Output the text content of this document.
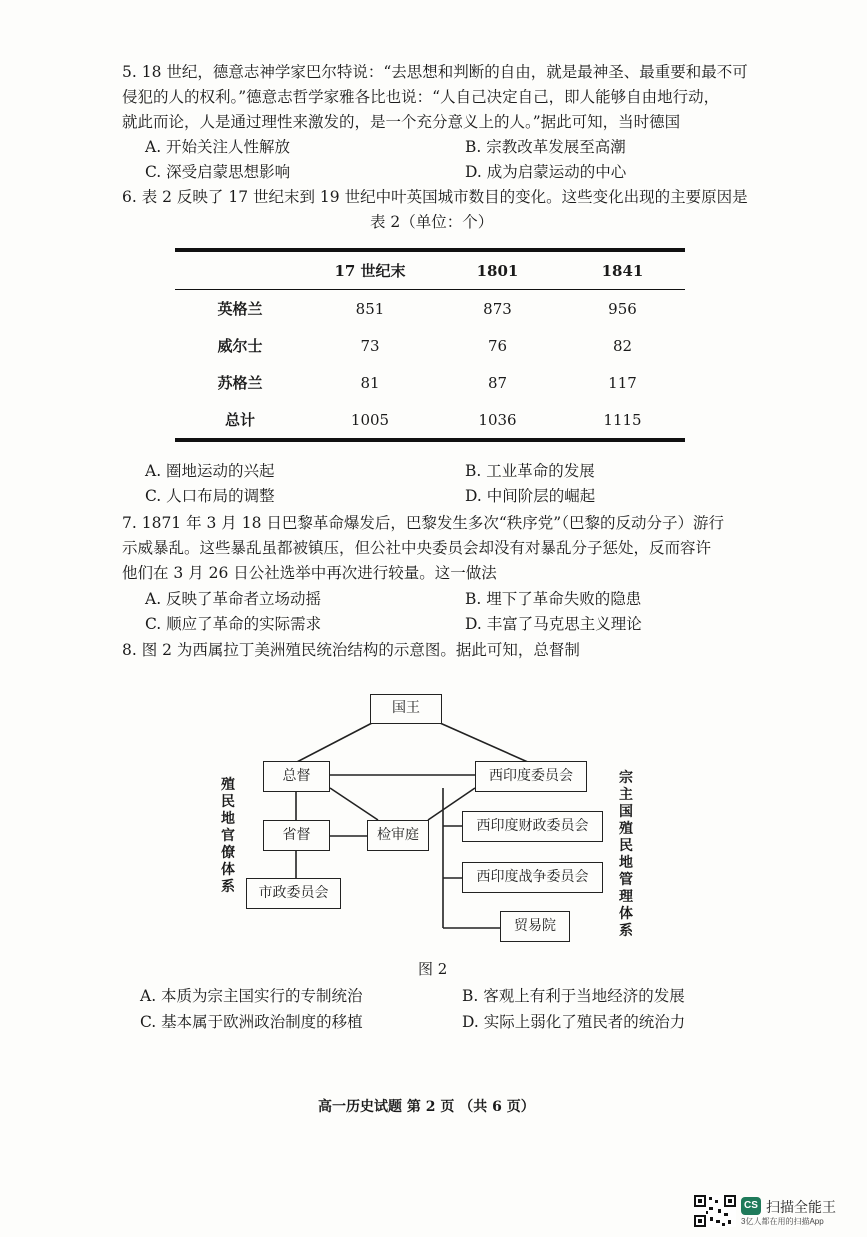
5. 18 世纪，德意志神学家巴尔特说：“去思想和判断的自由，就是最神圣、最重要和最不可
侵犯的人的权利。”德意志哲学家雅各比也说：“人自己决定自己，即人能够自由地行动，
就此而论，人是通过理性来激发的，是一个充分意义上的人。”据此可知，当时德国
A. 开始关注人性解放	B. 宗教改革发展至高潮
C. 深受启蒙思想影响	D. 成为启蒙运动的中心
6. 表 2 反映了 17 世纪末到 19 世纪中叶英国城市数目的变化。这些变化出现的主要原因是
表 2（单位：个）
	17 世纪末	1801	1841
英格兰	851	873	956
威尔士	73	76	82
苏格兰	81	87	117
总计	1005	1036	1115
A. 圈地运动的兴起	B. 工业革命的发展
C. 人口布局的调整	D. 中间阶层的崛起
7. 1871 年 3 月 18 日巴黎革命爆发后，巴黎发生多次“秩序党”（巴黎的反动分子）游行
示威暴乱。这些暴乱虽都被镇压，但公社中央委员会却没有对暴乱分子惩处，反而容许
他们在 3 月 26 日公社选举中再次进行较量。这一做法
A. 反映了革命者立场动摇	B. 埋下了革命失败的隐患
C. 顺应了革命的实际需求	D. 丰富了马克思主义理论
8. 图 2 为西属拉丁美洲殖民统治结构的示意图。据此可知，总督制
国王
总督	西印度委员会
省督	检审庭
西印度财政委员会
西印度战争委员会
市政委员会
贸易院
殖
民
地
官
僚
体
系
宗
主
国
殖
民
地
管
理
体
系
图 2
A. 本质为宗主国实行的专制统治	B. 客观上有利于当地经济的发展
C. 基本属于欧洲政治制度的移植	D. 实际上弱化了殖民者的统治力
高一历史试题 第 2 页 （共 6 页）
CS 扫描全能王
3亿人都在用的扫描App
